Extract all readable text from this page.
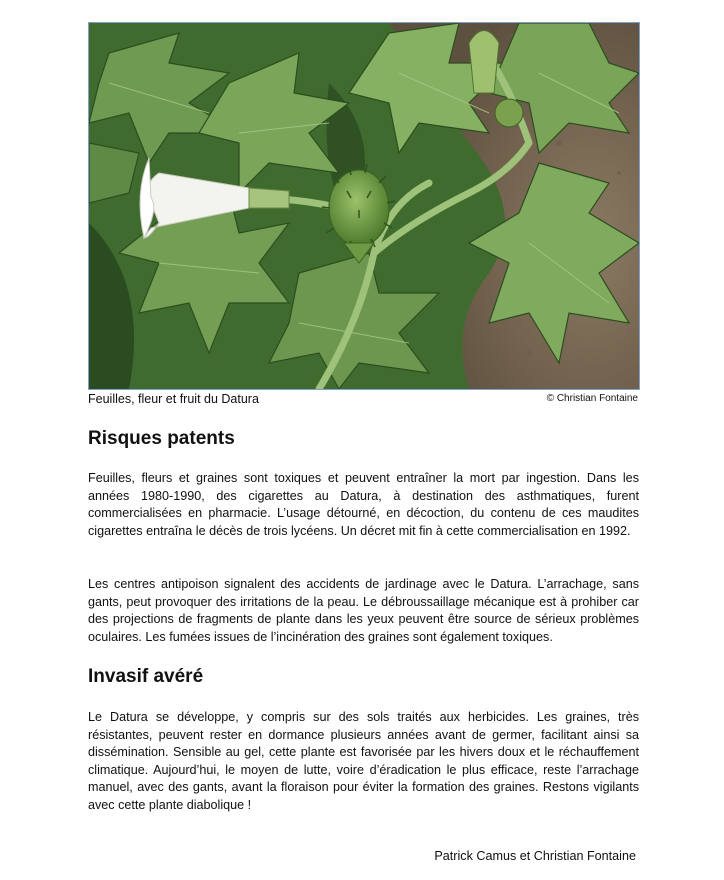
Feuilles, fleur et fruit du Datura	© Christian Fontaine
Risques patents

Feuilles, fleurs et graines sont toxiques et peuvent entraîner la mort par ingestion. Dans les années 1980-1990, des cigarettes au Datura, à destination des asthmatiques, furent commercialisées en pharmacie. L’usage détourné, en décoction, du contenu de ces maudites cigarettes entraîna le décès de trois lycéens. Un décret mit fin à cette commercialisation en 1992.

Les centres antipoison signalent des accidents de jardinage avec le Datura. L’arrachage, sans gants, peut provoquer des irritations de la peau. Le débroussaillage mécanique est à prohiber car des projections de fragments de plante dans les yeux peuvent être source de sérieux problèmes oculaires. Les fumées issues de l’incinération des graines sont également toxiques.

Invasif avéré

Le Datura se développe, y compris sur des sols traités aux herbicides. Les graines, très résistantes, peuvent rester en dormance plusieurs années avant de germer, facilitant ainsi sa dissémination. Sensible au gel, cette plante est favorisée par les hivers doux et le réchauffement climatique. Aujourd’hui, le moyen de lutte, voire d’éradication le plus efficace, reste l’arrachage manuel, avec des gants, avant la floraison pour éviter la formation des graines. Restons vigilants avec cette plante diabolique !

Patrick Camus et Christian Fontaine
